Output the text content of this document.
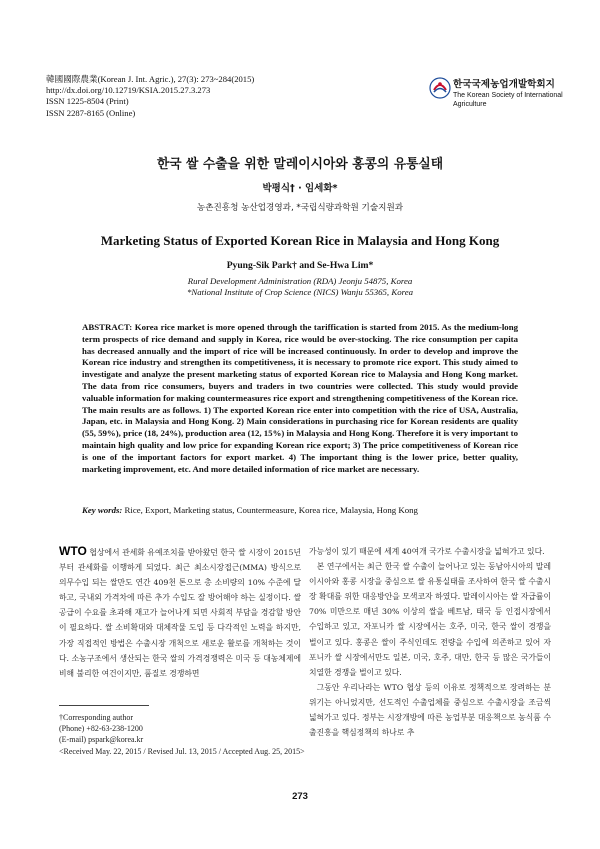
韓國國際農業(Korean J. Int. Agric.), 27(3): 273~284(2015)
http://dx.doi.org/10.12719/KSIA.2015.27.3.273
ISSN 1225-8504 (Print)
ISSN 2287-8165 (Online)
한국국제농업개발학회지
The Korean Society of International Agriculture
한국 쌀 수출을 위한 말레이시아와 홍콩의 유통실태
박평식† · 임세화*
농촌진흥청 농산업경영과, *국립식량과학원 기술지원과
Marketing Status of Exported Korean Rice in Malaysia and Hong Kong
Pyung-Sik Park† and Se-Hwa Lim*
Rural Development Administration (RDA) Jeonju 54875, Korea
*National Institute of Crop Science (NICS) Wanju 55365, Korea
ABSTRACT: Korea rice market is more opened through the tariffication is started from 2015. As the medium-long term prospects of rice demand and supply in Korea, rice would be over-stocking. The rice consumption per capita has decreased annually and the import of rice will be increased continuously. In order to develop and improve the Korean rice industry and strengthen its competitiveness, it is necessary to promote rice export. This study aimed to investigate and analyze the present marketing status of exported Korean rice to Malaysia and Hong Kong market. The data from rice consumers, buyers and traders in two countries were collected. This study would provide valuable information for making countermeasures rice export and strengthening competitiveness of the Korean rice. The main results are as follows. 1) The exported Korean rice enter into competition with the rice of USA, Australia, Japan, etc. in Malaysia and Hong Kong. 2) Main considerations in purchasing rice for Korean residents are quality (55, 59%), price (18, 24%), production area (12, 15%) in Malaysia and Hong Kong. Therefore it is very important to maintain high quality and low price for expanding Korean rice export; 3) The price competitiveness of Korean rice is one of the important factors for export market. 4) The important thing is the lower price, better quality, marketing improvement, etc. And more detailed information of rice market are necessary.
Key words: Rice, Export, Marketing status, Countermeasure, Korea rice, Malaysia, Hong Kong

WTO 협상에서 관세화 유예조치를 받아왔던 한국 쌀 시장이 2015년부터 관세화를 이행하게 되었다. 최근 최소시장접근(MMA) 방식으로 의무수입 되는 쌀만도 연간 409천 톤으로 총 소비량의 10% 수준에 달하고, 국내외 가격차에 따른 추가 수입도 잘 방어해야 하는 실정이다. 쌀 공급이 수요를 초과해 재고가 늘어나게 되면 사회적 부담을 경감할 방안이 필요하다. 쌀 소비확대와 대체작물 도입 등 다각적인 노력을 하지만, 가장 직접적인 방법은 수출시장 개척으로 새로운 활로를 개척하는 것이다. 소농구조에서 생산되는 한국 쌀의 가격경쟁력은 미국 등 대농체제에 비해 불리한 여건이지만, 품질로 경쟁하면

가능성이 있기 때문에 세계 40여개 국가로 수출시장을 넓혀가고 있다.

본 연구에서는 최근 한국 쌀 수출이 늘어나고 있는 동남아시아의 말레이시아와 홍콩 시장을 중심으로 쌀 유통실태를 조사하여 한국 쌀 수출시장 확대를 위한 대응방안을 모색코자 하였다. 말레이시아는 쌀 자급률이 70% 미만으로 매년 30% 이상의 쌀을 베트남, 태국 등 인접시장에서 수입하고 있고, 자포니카 쌀 시장에서는 호주, 미국, 한국 쌀이 경쟁을 벌이고 있다. 홍콩은 쌀이 주식인데도 전량을 수입에 의존하고 있어 자포니카 쌀 시장에서만도 일본, 미국, 호주, 대만, 한국 등 많은 국가들이 치열한 경쟁을 벌이고 있다.

그동안 우리나라는 WTO 협상 등의 이유로 정책적으로 장려하는 분위기는 아니었지만, 선도적인 수출업체를 중심으로 수출시장을 조금씩 넓혀가고 있다. 정부는 시장개방에 따른 농업부분 대응책으로 농식품 수출진흥을 핵심정책의 하나로 추

†Corresponding author
(Phone) +82-63-238-1200
(E-mail) pspark@korea.kr
<Received May. 22, 2015 / Revised Jul. 13, 2015 / Accepted Aug. 25, 2015>
273
